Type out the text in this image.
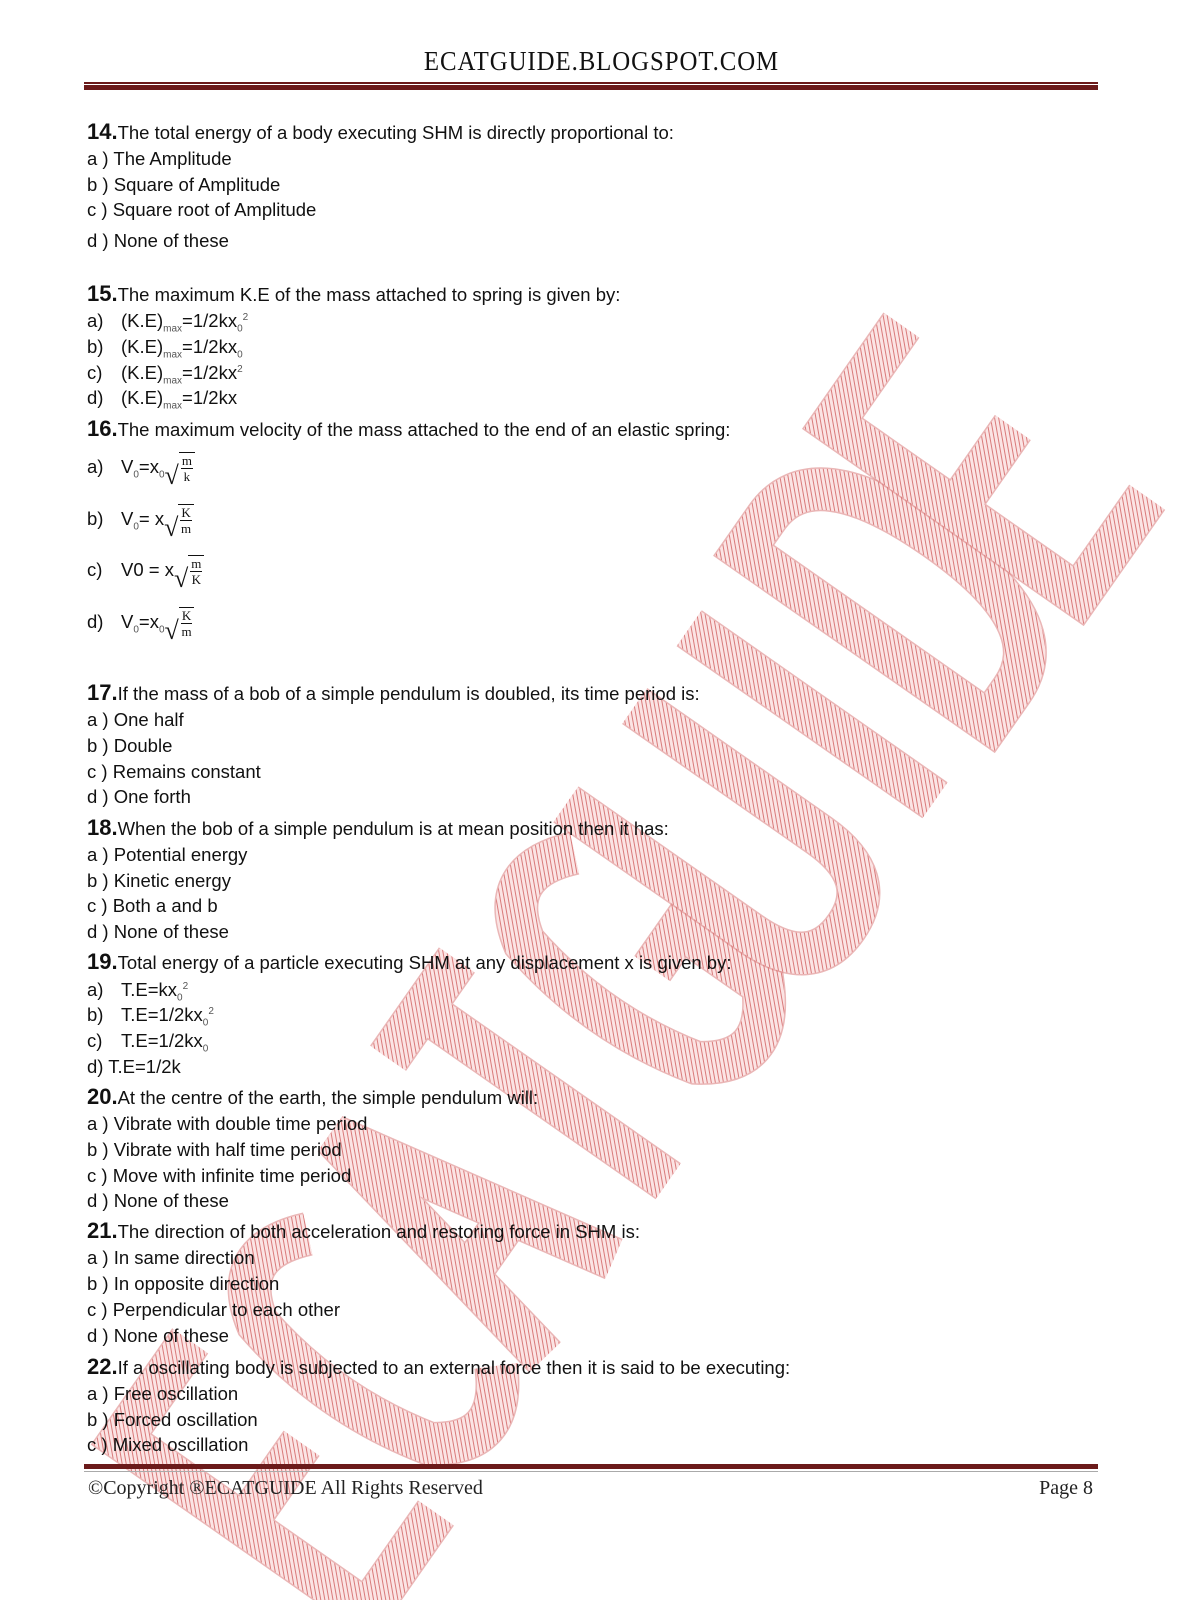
ECATGUIDE.BLOGSPOT.COM
14.The total energy of a body executing SHM is directly proportional to:
a ) The Amplitude
b ) Square of Amplitude
c ) Square root of Amplitude
d ) None of these
15.The maximum K.E of the mass attached to spring is given by:
a) $(K.E)_{max}=1/2kx_0^2$
b) $(K.E)_{max}=1/2kx_0$
c) $(K.E)_{max}=1/2kx^2$
d) $(K.E)_{max}=1/2kx$
16.The maximum velocity of the mass attached to the end of an elastic spring:
a) $V_0=x_0$ √ $\frac{m}{k}$
b) $V_0= x$ √ $\frac{K}{m}$
c) V0 = x √ $\frac{m}{K}$
d) $V_0=x_0$ √ $\frac{K}{m}$
17.If the mass of a bob of a simple pendulum is doubled, its time period is:
a ) One half
b ) Double
c ) Remains constant
d ) One forth
18.When the bob of a simple pendulum is at mean position then it has:
a ) Potential energy
b ) Kinetic energy
c ) Both a and b
d ) None of these
19.Total energy of a particle executing SHM at any displacement x is given by:
a) $T.E=kx_0^2$
b) $T.E=1/2kx_0^2$
c) $T.E=1/2kx_0$
d) T.E=1/2k
20.At the centre of the earth, the simple pendulum will:
a ) Vibrate with double time period
b ) Vibrate with half time period
c ) Move with infinite time period
d ) None of these
21.The direction of both acceleration and restoring force in SHM is:
a ) In same direction
b ) In opposite direction
c ) Perpendicular to each other
d ) None of these
22.If a oscillating body is subjected to an external force then it is said to be executing:
a ) Free oscillation
b ) Forced oscillation
c ) Mixed oscillation
©Copyright ®ECATGUIDE All Rights Reserved	Page 8
